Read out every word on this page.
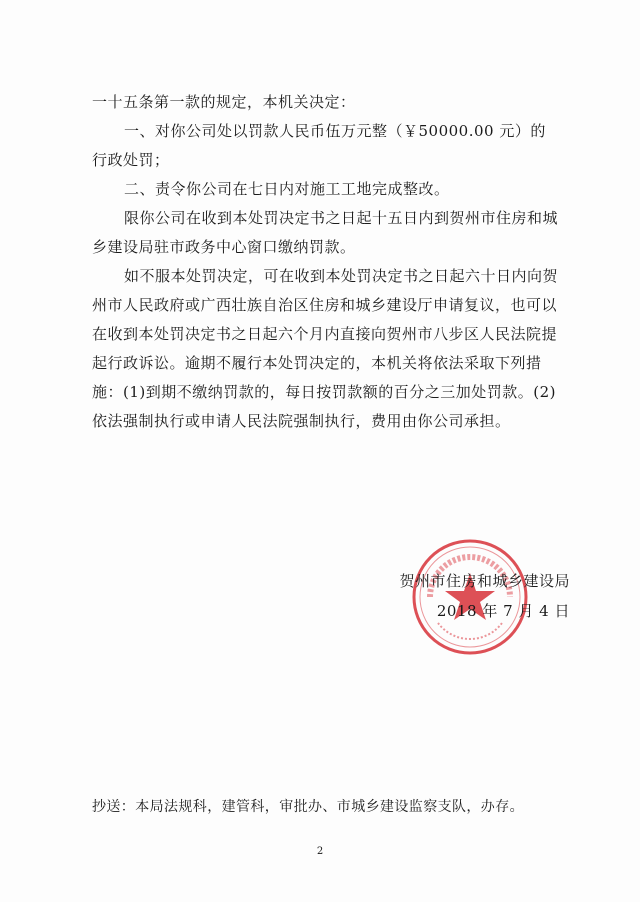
一十五条第一款的规定，本机关决定：

一、对你公司处以罚款人民币伍万元整（￥50000.00 元）的行政处罚；

二、责令你公司在七日内对施工工地完成整改。

限你公司在收到本处罚决定书之日起十五日内到贺州市住房和城乡建设局驻市政务中心窗口缴纳罚款。

如不服本处罚决定，可在收到本处罚决定书之日起六十日内向贺州市人民政府或广西壮族自治区住房和城乡建设厅申请复议，也可以在收到本处罚决定书之日起六个月内直接向贺州市八步区人民法院提起行政诉讼。逾期不履行本处罚决定的，本机关将依法采取下列措施：(1)到期不缴纳罚款的，每日按罚款额的百分之三加处罚款。(2)依法强制执行或申请人民法院强制执行，费用由你公司承担。

贺州市住房和城乡建设局
2018 年 7 月 4 日
抄送：本局法规科，建管科，审批办、市城乡建设监察支队，办存。
2
